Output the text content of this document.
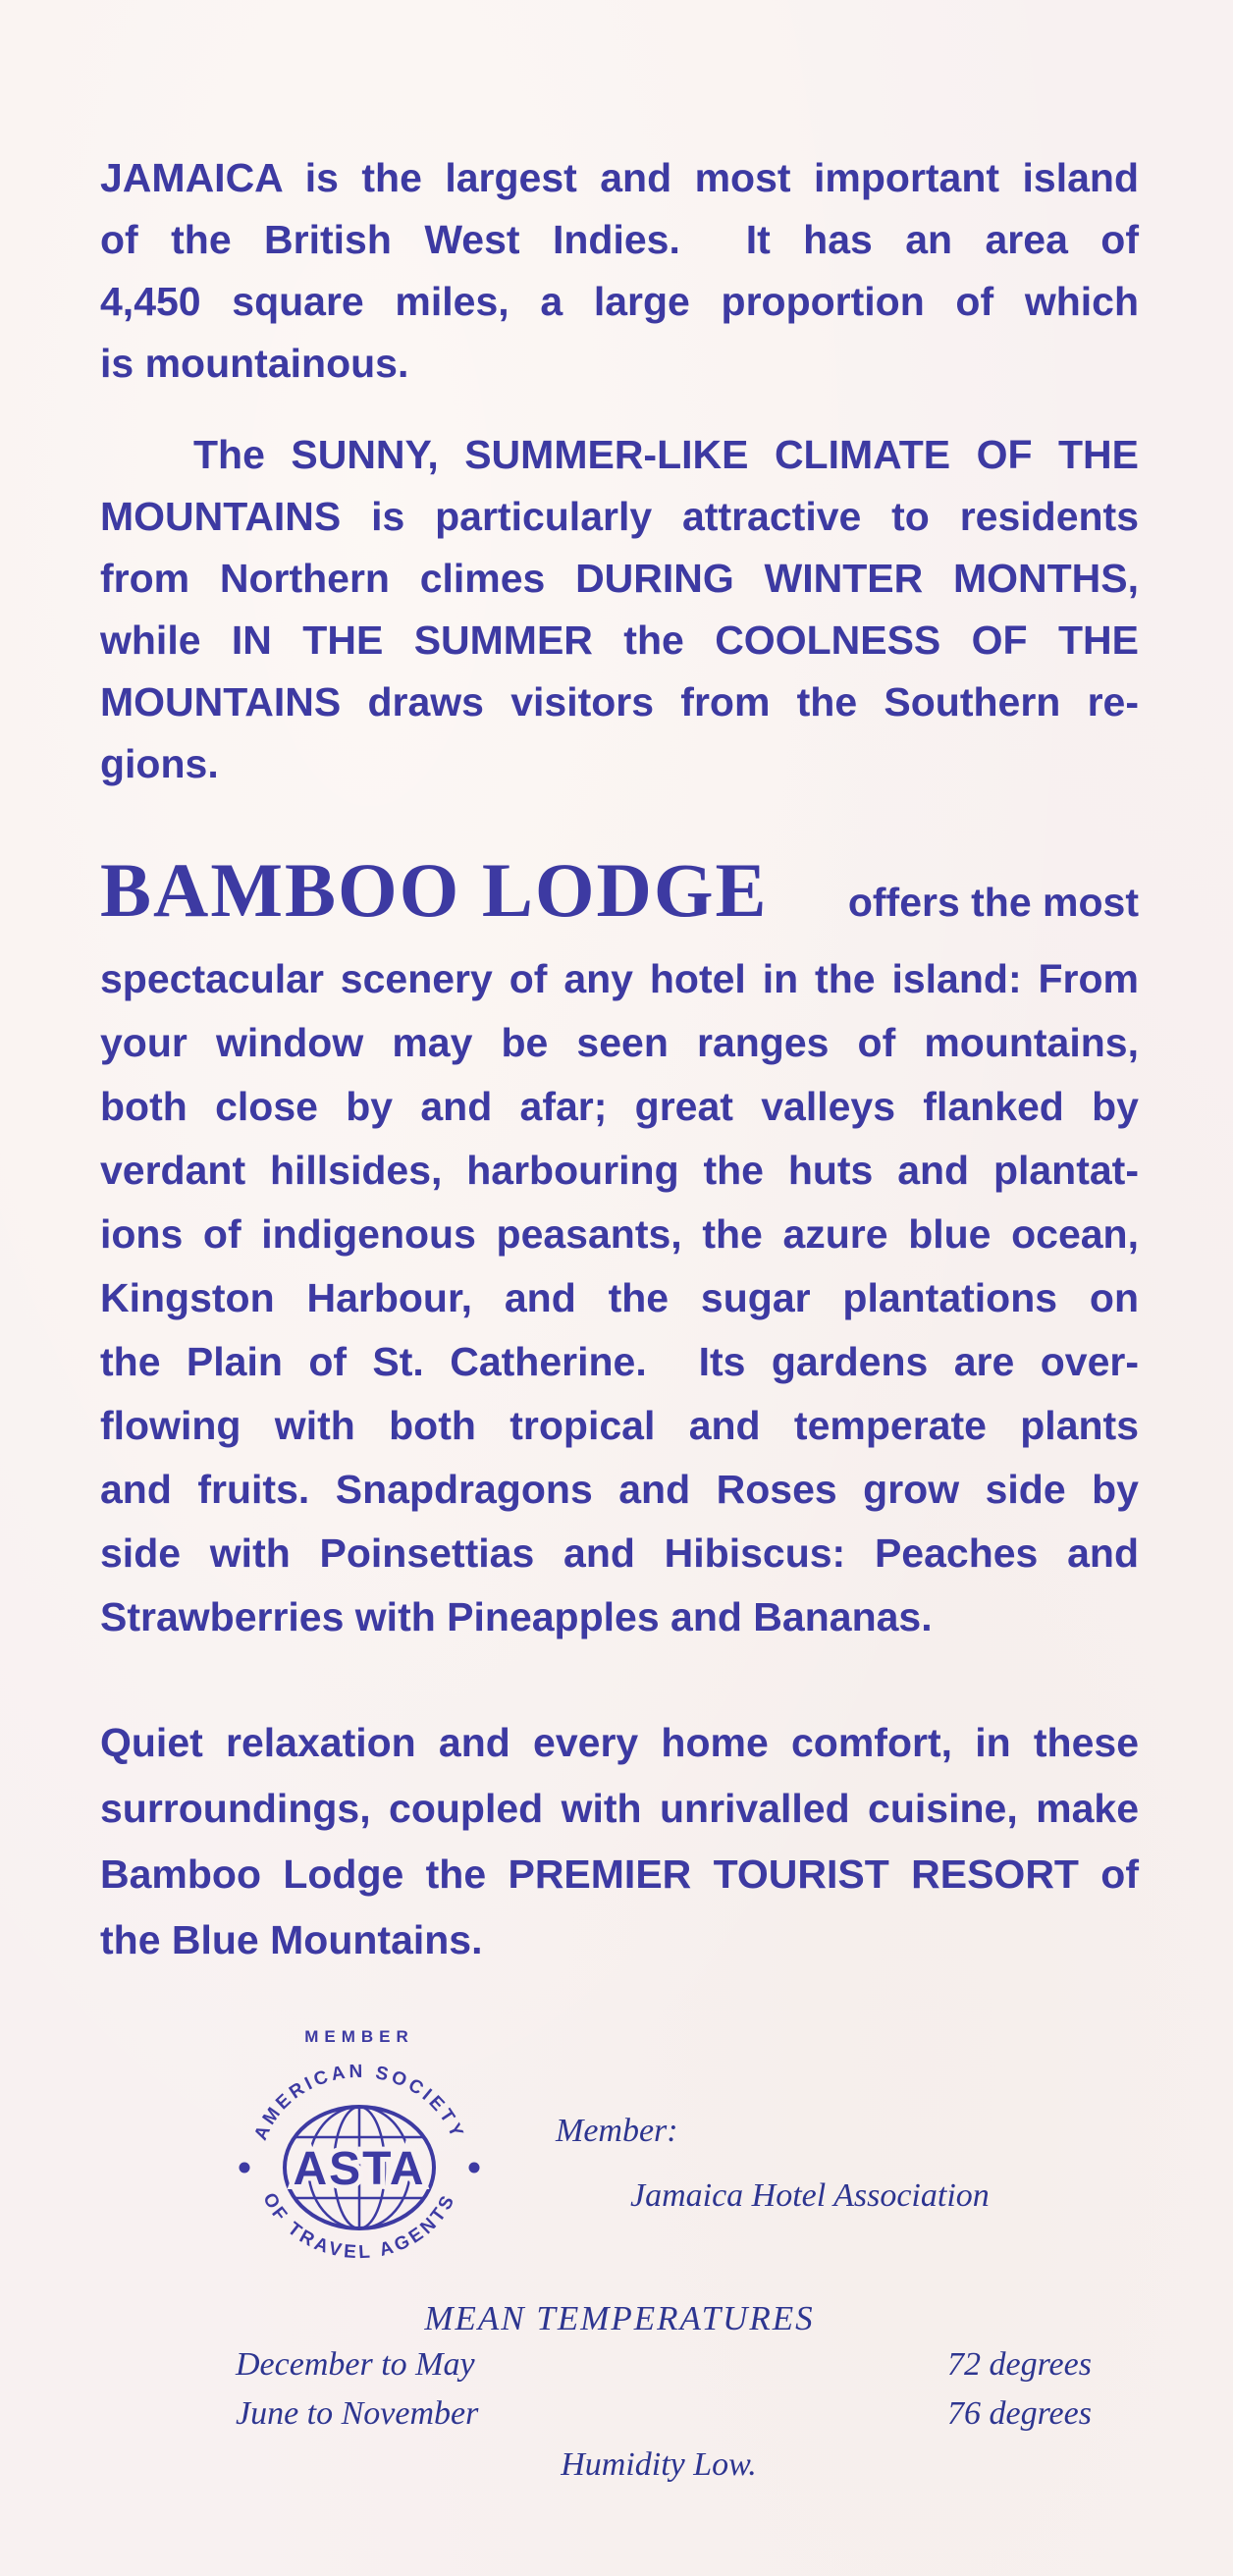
JAMAICA is the largest and most important island
of the British West Indies.  It has an area of
4,450 square miles, a large proportion of which
is mountainous.
The SUNNY, SUMMER-LIKE CLIMATE OF THE
MOUNTAINS is particularly attractive to residents
from Northern climes DURING WINTER MONTHS,
while IN THE SUMMER the COOLNESS OF THE
MOUNTAINS draws visitors from the Southern re-
gions.
BAMBOO LODGE offers the most
spectacular scenery of any hotel in the island: From
your window may be seen ranges of mountains,
both close by and afar; great valleys flanked by
verdant hillsides, harbouring the huts and plantat-
ions of indigenous peasants, the azure blue ocean,
Kingston Harbour, and the sugar plantations on
the Plain of St. Catherine.  Its gardens are over-
flowing with both tropical and temperate plants
and fruits. Snapdragons and Roses grow side by
side with Poinsettias and Hibiscus: Peaches and
Strawberries with Pineapples and Bananas.
Quiet relaxation and every home comfort, in these
surroundings, coupled with unrivalled cuisine, make
Bamboo Lodge the PREMIER TOURIST RESORT of
the Blue Mountains.
MEMBER
AMERICAN SOCIETY
OF TRAVEL AGENTS
ASTA
Member:
Jamaica Hotel Association
MEAN TEMPERATURES
December to May	72 degrees
June to November	76 degrees
Humidity Low.
